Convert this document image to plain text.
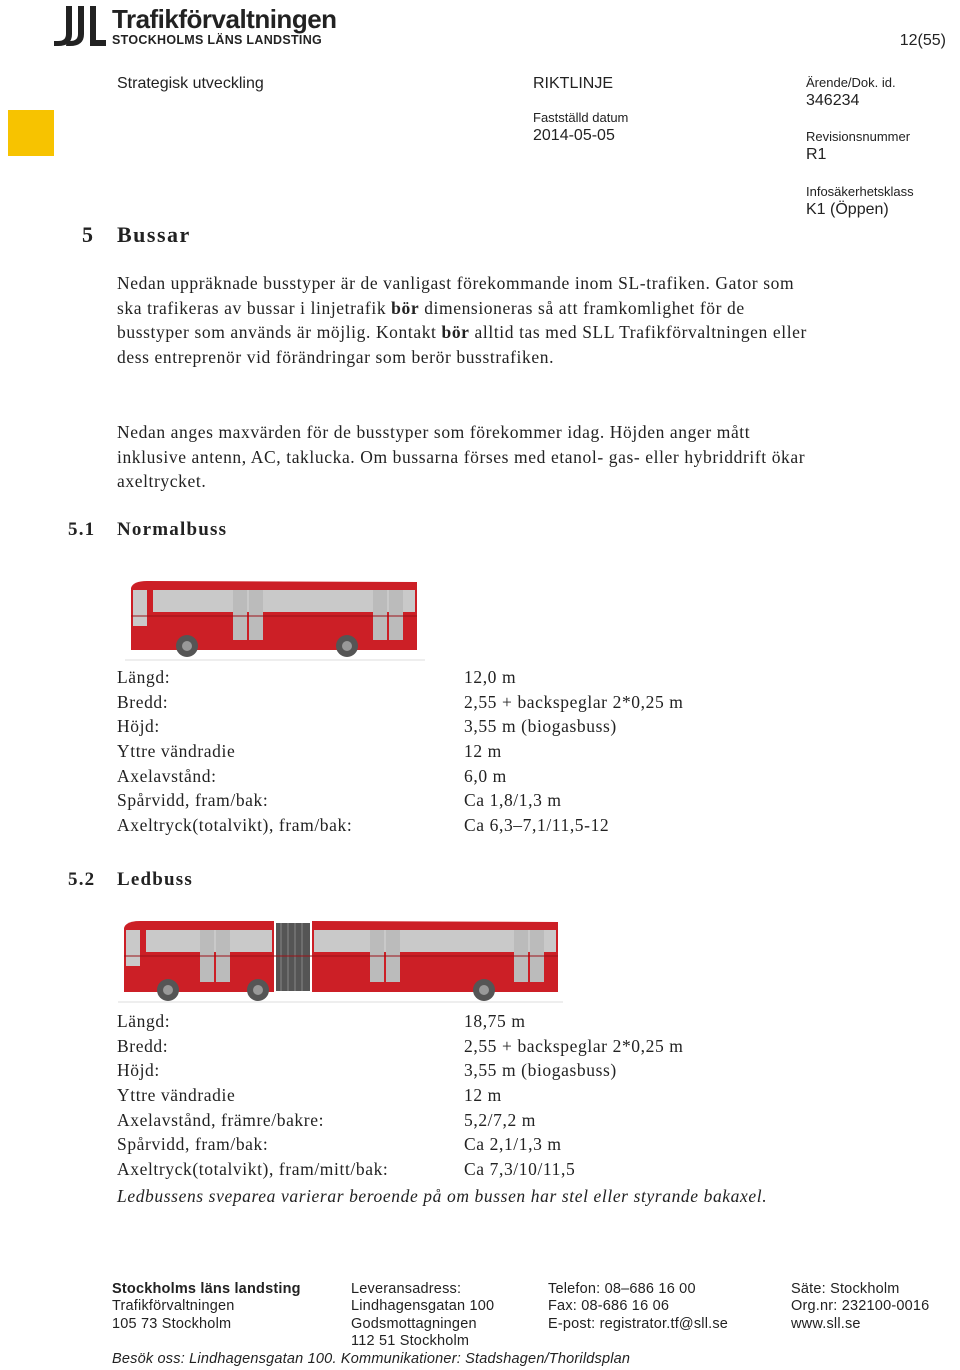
Trafikförvaltningen
STOCKHOLMS LÄNS LANDSTING	12(55)
Strategisk utveckling	RIKTLINJE
Fastställd datum
2014-05-05
Ärende/Dok. id.
346234
Revisionsnummer
R1
Infosäkerhetsklass
K1 (Öppen)
5 Bussar
Nedan uppräknade busstyper är de vanligast förekommande inom SL-trafiken. Gator som ska trafikeras av bussar i linjetrafik bör dimensioneras så att framkomlighet för de busstyper som används är möjlig. Kontakt bör alltid tas med SLL Trafikförvaltningen eller dess entreprenör vid förändringar som berör busstrafiken.
Nedan anges maxvärden för de busstyper som förekommer idag. Höjden anger mått inklusive antenn, AC, taklucka. Om bussarna förses med etanol- gas- eller hybriddrift ökar axeltrycket.
5.1 Normalbuss
Längd:	12,0 m
Bredd:	2,55 + backspeglar 2*0,25 m
Höjd:	3,55 m (biogasbuss)
Yttre vändradie	12 m
Axelavstånd:	6,0 m
Spårvidd, fram/bak:	Ca 1,8/1,3 m
Axeltryck(totalvikt), fram/bak:	Ca 6,3–7,1/11,5-12
5.2 Ledbuss
Längd:	18,75 m
Bredd:	2,55 + backspeglar 2*0,25 m
Höjd:	3,55 m (biogasbuss)
Yttre vändradie	12 m
Axelavstånd, främre/bakre:	5,2/7,2 m
Spårvidd, fram/bak:	Ca 2,1/1,3 m
Axeltryck(totalvikt), fram/mitt/bak:	Ca 7,3/10/11,5
Ledbussens sveparea varierar beroende på om bussen har stel eller styrande bakaxel.
Stockholms läns landsting
Trafikförvaltningen
105 73 Stockholm
Leveransadress:
Lindhagensgatan 100
Godsmottagningen
112 51 Stockholm
Telefon: 08–686 16 00
Fax: 08-686 16 06
E-post: registrator.tf@sll.se
Säte: Stockholm
Org.nr: 232100-0016
www.sll.se
Besök oss: Lindhagensgatan 100. Kommunikationer: Stadshagen/Thorildsplan
